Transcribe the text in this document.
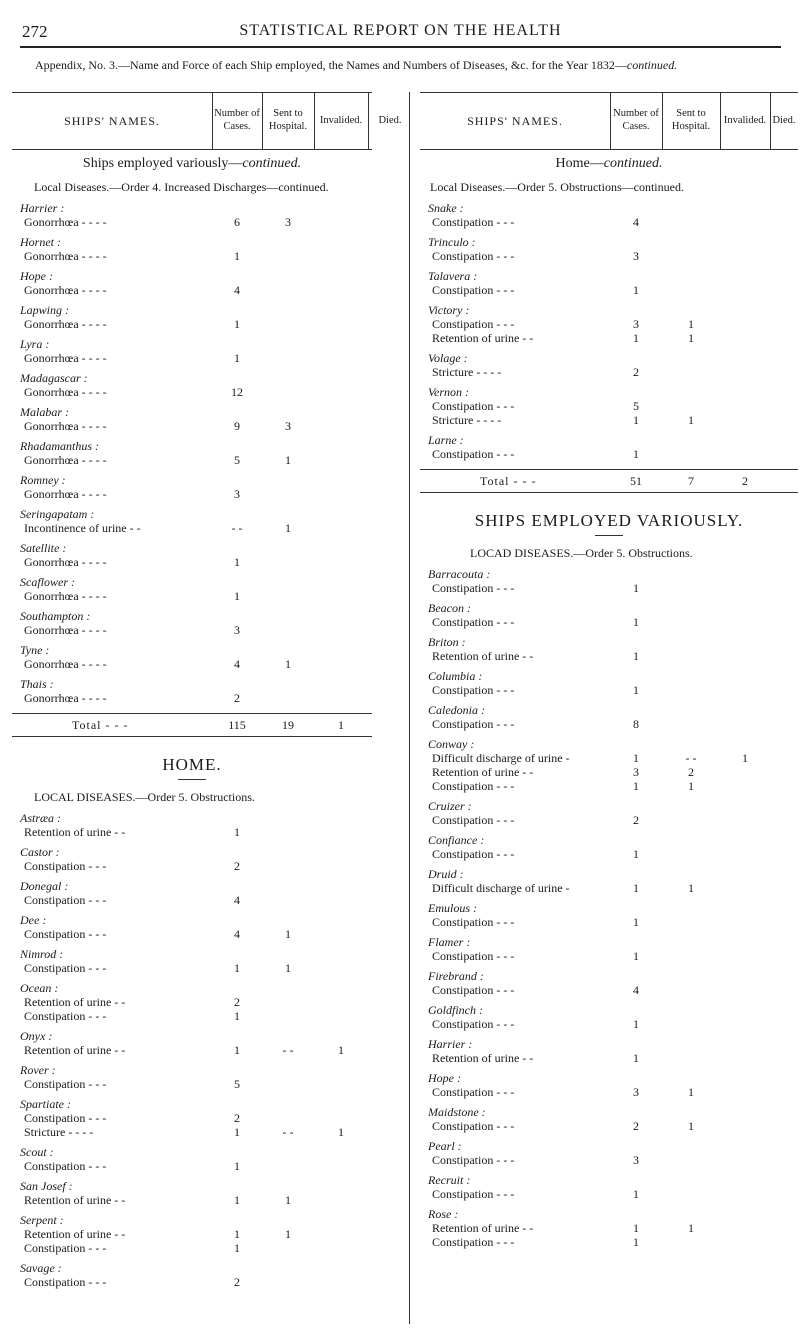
272	STATISTICAL REPORT ON THE HEALTH
Appendix, No. 3.—Name and Force of each Ship employed, the Names and Numbers of Diseases, &c. for the Year 1832—continued.
SHIPS' NAMES.	Number of Cases.
Sent to Hospital.
Invalided.	Died.
Ships employed variously—continued.
Local Diseases.—Order 4. Increased Discharges—continued.
Harrier :
Gonorrhœa - - - -	6	3
Hornet :
Gonorrhœa - - - -	1
Hope :
Gonorrhœa - - - -	4
Lapwing :
Gonorrhœa - - - -	1
Lyra :
Gonorrhœa - - - -	1
Madagascar :
Gonorrhœa - - - -	12
Malabar :
Gonorrhœa - - - -	9	3
Rhadamanthus :
Gonorrhœa - - - -	5	1
Romney :
Gonorrhœa - - - -	3
Seringapatam :
Incontinence of urine - -	- -	1
Satellite :
Gonorrhœa - - - -	1
Scaflower :
Gonorrhœa - - - -	1
Southampton :
Gonorrhœa - - - -	3
Tyne :
Gonorrhœa - - - -	4	1
Thais :
Gonorrhœa - - - -	2
Total - - -	115	19	1
HOME.
LOCAL DISEASES.—Order 5. Obstructions.
Astræa :
Retention of urine - -	1
Castor :
Constipation - - -	2
Donegal :
Constipation - - -	4
Dee :
Constipation - - -	4	1
Nimrod :
Constipation - - -	1	1
Ocean :
Retention of urine - -	2
Constipation - - -	1
Onyx :
Retention of urine - -	1	- -	1
Rover :
Constipation - - -	5
Spartiate :
Constipation - - -	2
Stricture - - - -	1	- -	1
Scout :
Constipation - - -	1
San Josef :
Retention of urine - -	1	1
Serpent :
Retention of urine - -	1	1
Constipation - - -	1
Savage :
Constipation - - -	2
SHIPS' NAMES.	Number of Cases.
Sent to Hospital.
Invalided. Died.
Home—continued.
Local Diseases.—Order 5. Obstructions—continued.
Snake :
Constipation - - -	4
Trinculo :
Constipation - - -	3
Talavera :
Constipation - - -	1
Victory :
Constipation - - -	3	1
Retention of urine - -	1	1
Volage :
Stricture - - - -	2
Vernon :
Constipation - - -	5
Stricture - - - -	1	1
Larne :
Constipation - - -	1
Total - - -	51	7	2
SHIPS EMPLOYED VARIOUSLY.
LOCAD DISEASES.—Order 5. Obstructions.
Barracouta :
Constipation - - -	1
Beacon :
Constipation - - -	1
Briton :
Retention of urine - -	1
Columbia :
Constipation - - -	1
Caledonia :
Constipation - - -	8
Conway :
Difficult discharge of urine -	1	- -	1
Retention of urine - -	3	2
Constipation - - -	1	1
Cruizer :
Constipation - - -	2
Confiance :
Constipation - - -	1
Druid :
Difficult discharge of urine -	1	1
Emulous :
Constipation - - -	1
Flamer :
Constipation - - -	1
Firebrand :
Constipation - - -	4
Goldfinch :
Constipation - - -	1
Harrier :
Retention of urine - -	1
Hope :
Constipation - - -	3	1
Maidstone :
Constipation - - -	2	1
Pearl :
Constipation - - -	3
Recruit :
Constipation - - -	1
Rose :
Retention of urine - -	1	1
Constipation - - -	1
